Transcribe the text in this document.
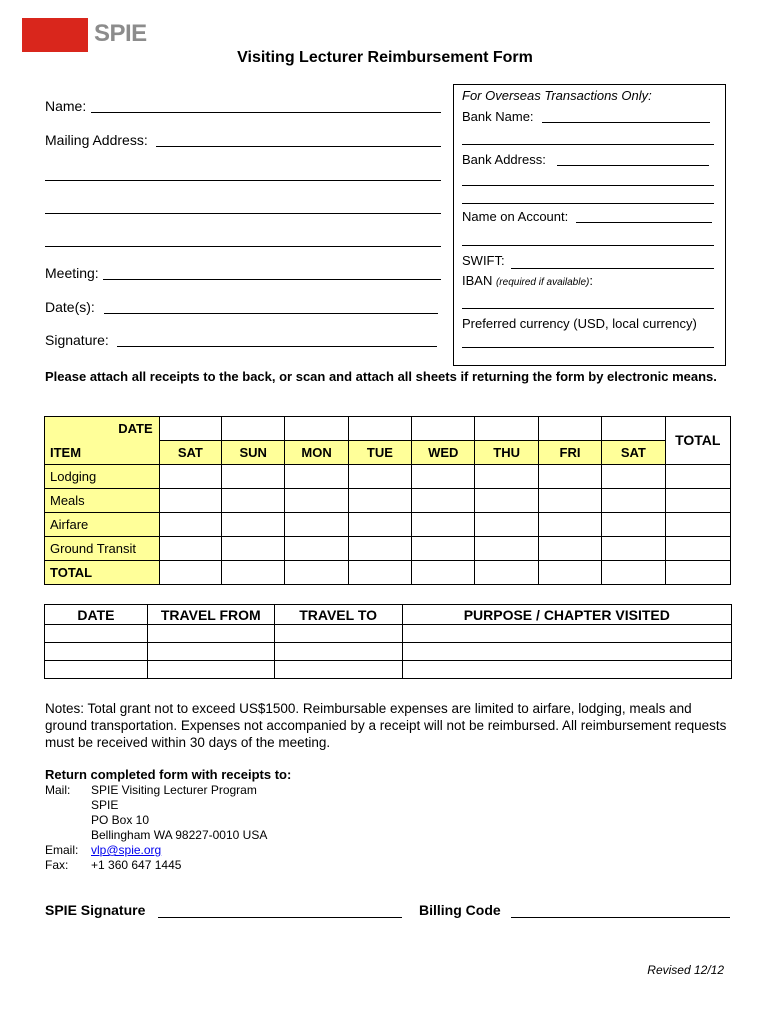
SPIE
Visiting Lecturer Reimbursement Form
Name:
Mailing Address:
Meeting:
Date(s):
Signature:
For Overseas Transactions Only:
Bank Name:
Bank Address:
Name on Account:
SWIFT:
IBAN (required if available):
Preferred currency (USD, local currency)
Please attach all receipts to the back, or scan and attach all sheets if returning the form by electronic means.
DATE									TOTAL
ITEM	SAT	SUN	MON	TUE	WED	THU	FRI	SAT	
Lodging									
Meals									
Airfare									
Ground Transit									
TOTAL									
DATE	TRAVEL FROM	TRAVEL TO	PURPOSE / CHAPTER VISITED

Notes: Total grant not to exceed US$1500. Reimbursable expenses are limited to airfare, lodging, meals and ground transportation. Expenses not accompanied by a receipt will not be reimbursed. All reimbursement requests must be received within 30 days of the meeting.
Return completed form with receipts to:
Mail: SPIE Visiting Lecturer Program
SPIE
PO Box 10
Bellingham WA 98227-0010 USA
Email: vlp@spie.org
Fax: +1 360 647 1445
SPIE Signature	Billing Code
Revised 12/12
